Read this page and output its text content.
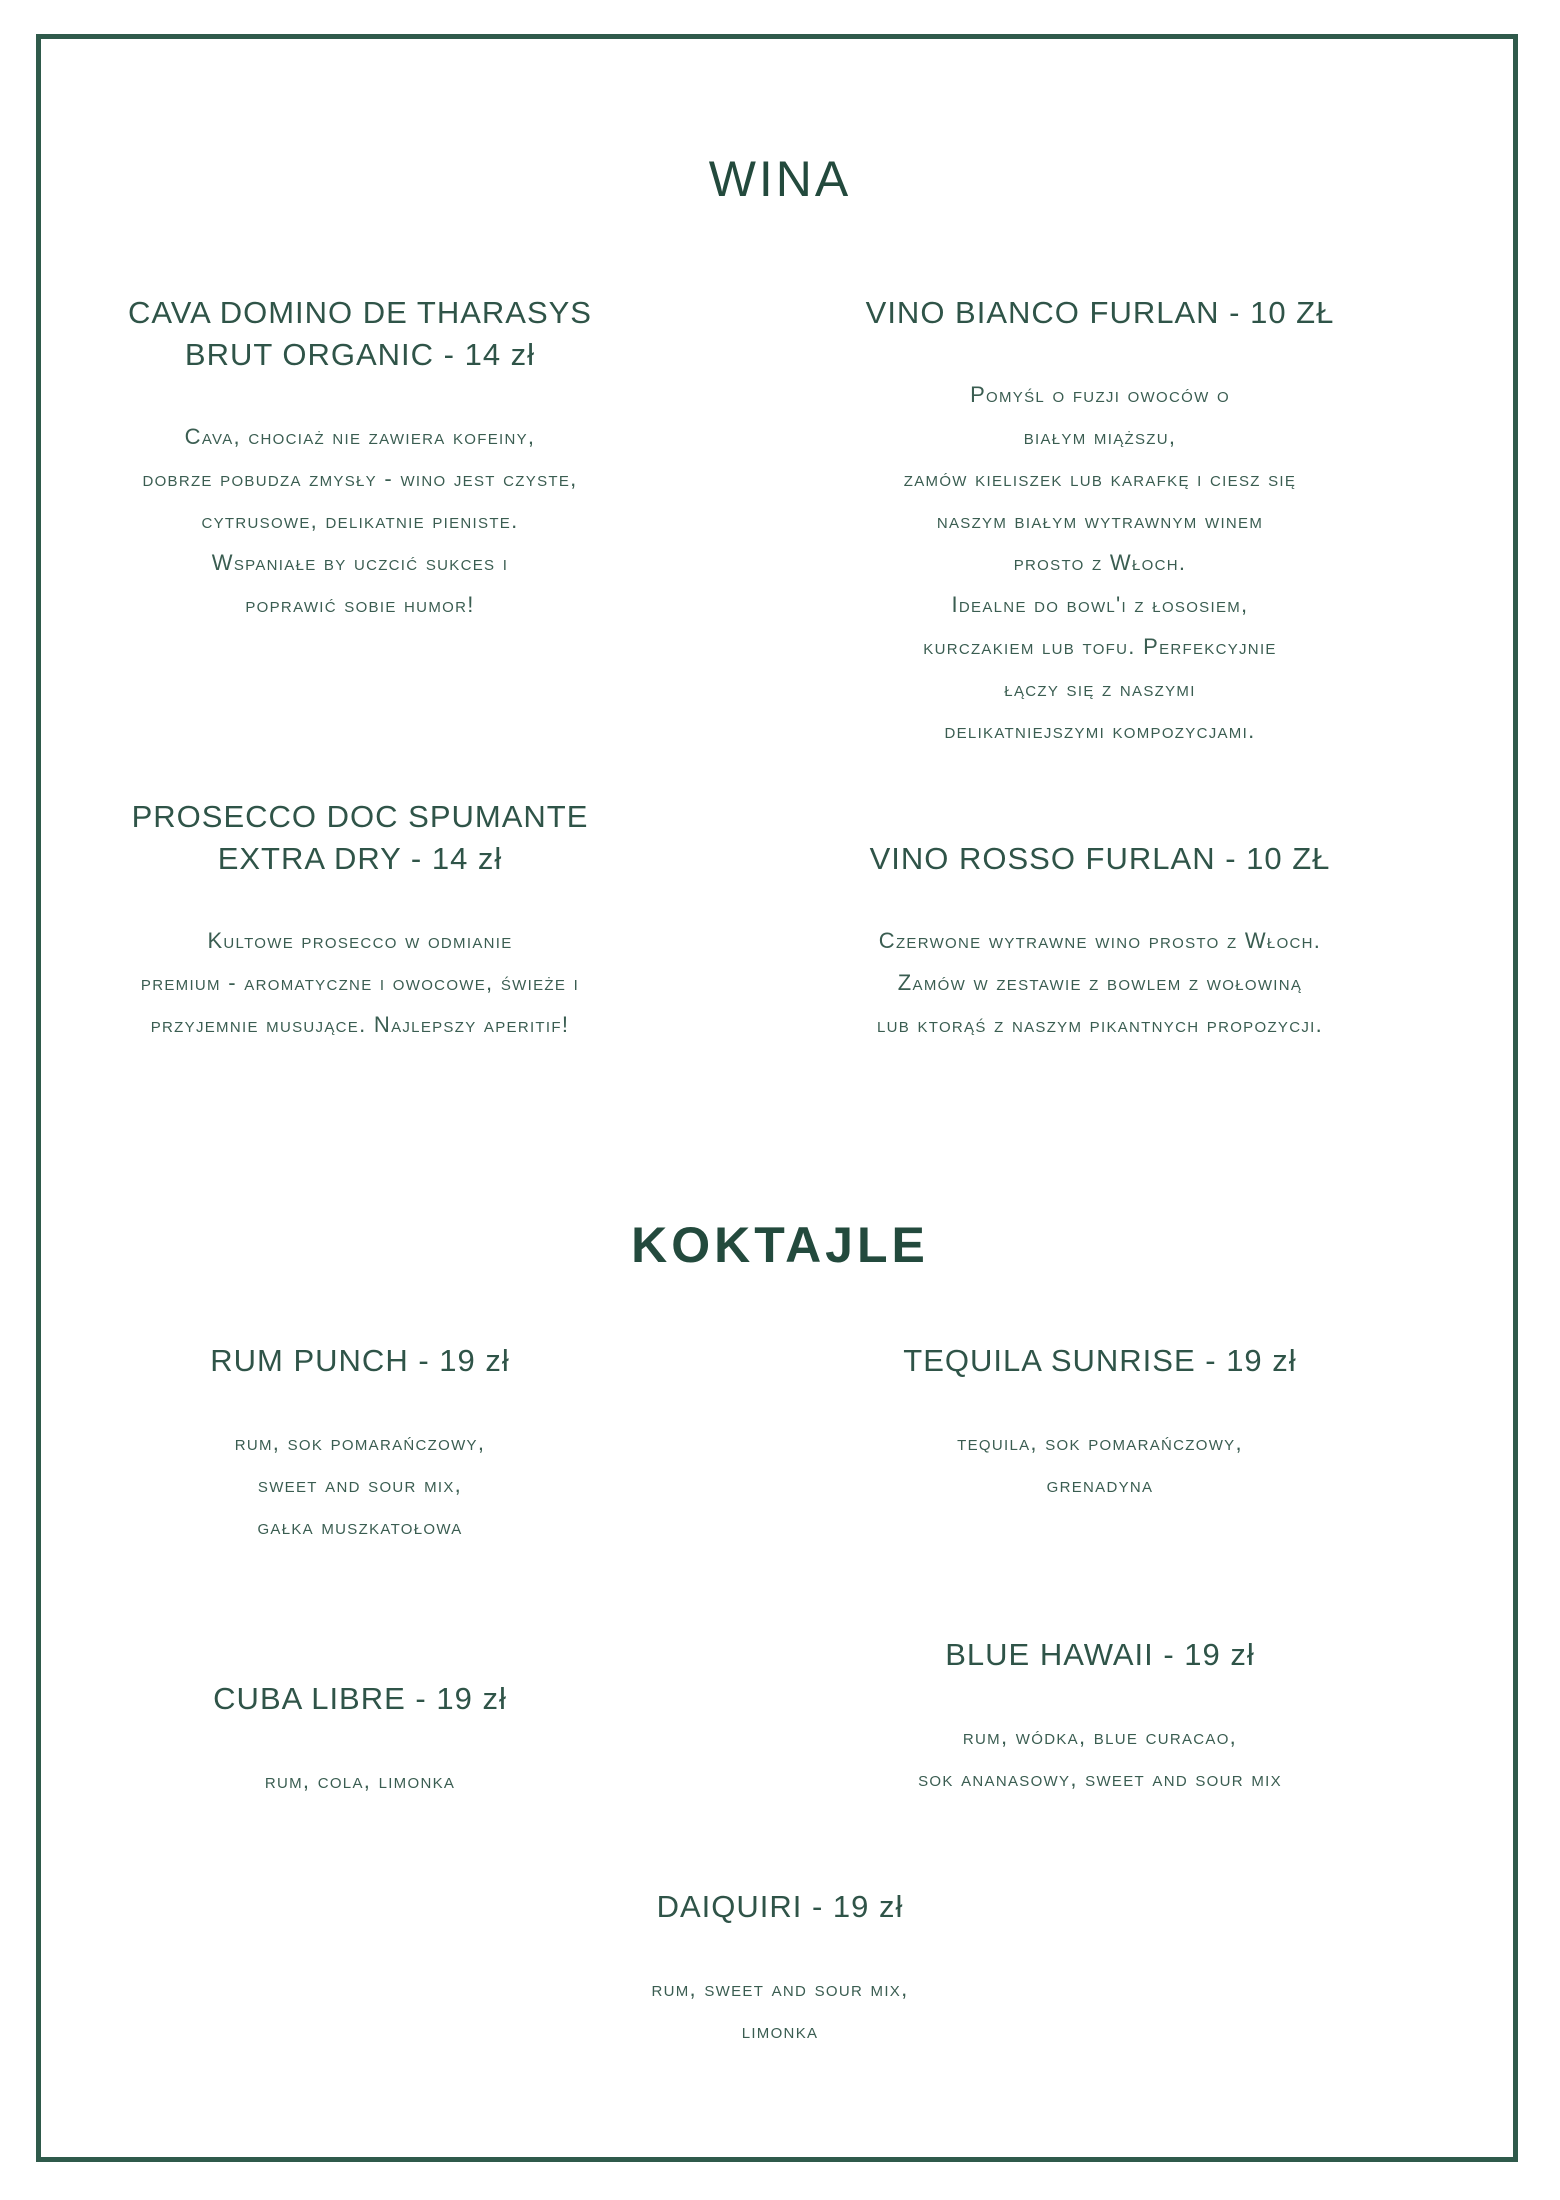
WINA
CAVA DOMINO DE THARASYS
BRUT ORGANIC - 14 zł

Cava, chociaż nie zawiera kofeiny,
dobrze pobudza zmysły - wino jest czyste,
cytrusowe, delikatnie pieniste.
Wspaniałe by uczcić sukces i
poprawić sobie humor!

VINO BIANCO FURLAN - 10 ZŁ

Pomyśl o fuzji owoców o
białym miąższu,
zamów kieliszek lub karafkę i ciesz się
naszym białym wytrawnym winem
prosto z Włoch.
Idealne do bowl'i z łososiem,
kurczakiem lub tofu. Perfekcyjnie
łączy się z naszymi
delikatniejszymi kompozycjami.

PROSECCO DOC SPUMANTE
EXTRA DRY - 14 zł

Kultowe prosecco w odmianie
premium - aromatyczne i owocowe, świeże i
przyjemnie musujące. Najlepszy aperitif!

VINO ROSSO FURLAN - 10 ZŁ

Czerwone wytrawne wino prosto z Włoch.
Zamów w zestawie z bowlem z wołowiną
lub ktorąś z naszym pikantnych propozycji.

KOKTAJLE
RUM PUNCH - 19 zł

rum, sok pomarańczowy,
sweet and sour mix,
gałka muszkatołowa

TEQUILA SUNRISE - 19 zł

tequila, sok pomarańczowy,
grenadyna

CUBA LIBRE - 19 zł

rum, cola, limonka

BLUE HAWAII - 19 zł

rum, wódka, blue curacao,
sok ananasowy, sweet and sour mix

DAIQUIRI - 19 zł

rum, sweet and sour mix,
limonka
